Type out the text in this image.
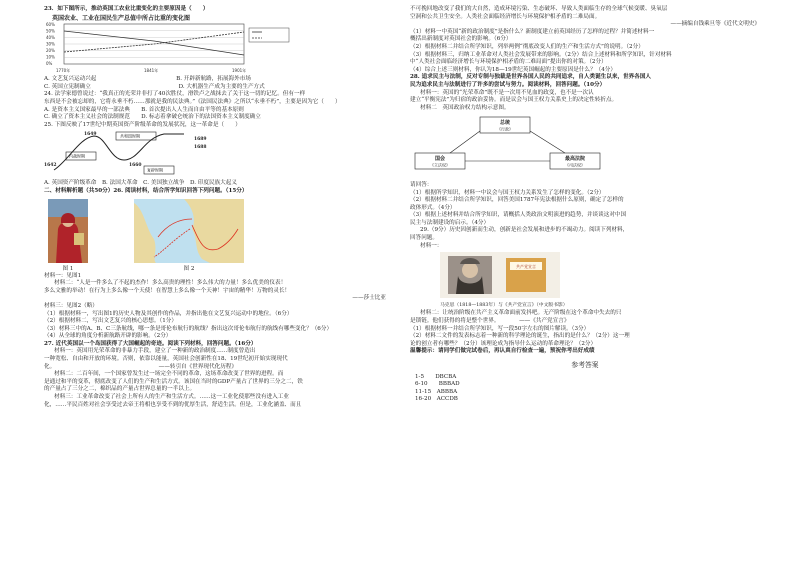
23．如下图所示，推动英国工农业比重变化的主要原因是（　　）

英国农业、工业在国民生产总值中所占比重的变化图

60%
50%
40%
30%
20%
10%
0%
1770年	1841年	1901年

A. 文艺复兴运动兴起	B. 开辟新航路，拓展海外市场

C. 英国立宪制确立	D. 大机器生产成为主要的生产方式

24. 法学家德曾说过：“我真正的光荣并非打了40次胜仗，滑铁卢之战抹去了关于这一切的记忆。但有一样

东西是不会被忘却的，它将永垂不朽……那就是我的民法典。”《法国民法典》之所以“永垂不朽”，主要是因为它（　　）

A. 是资本主义国家最早的一部法典　　B. 首次提出人人生而自由平等的基本原则

C. 确立了资本主义社会的法制规范　　D. 标志着拿破仑统治下的法国资本主义制度确立

25. 下图反映了17世纪中期英国资产阶级革命的发展状况，这一革命是（　　）

1642
1649
1688
1689
1660
共和国时期
内战时期
复辟时期

A. 英国资产阶级革命　B. 法国大革命　C. 美国独立战争　D. 印度民族大起义

二、材料解析题（共50分）26. 阅读材料，结合所学知识回答下列问题。（15分）

图 1	图 2

材料一：见图1

材料二：“人是一件多么了不起的杰作！多么高贵的理性！多么伟大的力量！多么优美的仪表！

多么文雅的举动！在行为上多么像一个天使！在智慧上多么像一个天神！宇宙的精华！万物的灵长！

——莎士比亚

材料三：见图2（略）

（1）根据材料一，写出图1的历史人物及其创作的作品，并指出他在文艺复兴运动中的地位。（6分）

（2）根据材料二，写出文艺复兴的核心思想。（1分）

（3）材料三中的A、B、C三条航线，哪一条是哥伦布航行的航线？指出这次哥伦布航行的航线有哪些变化？（6分）

（4）从全球的角度分析新航路开辟的影响。（2分）

27. 近代英国以一个岛国获得了大国崛起的奇迹。阅读下列材料，回答问题。（16分）

材料一：英国用光荣革命的非暴力手段，建立了一种新的政治制度……制度曾造出

一种宽松、自由和开放的环境。否则，依靠以能量，英国社会创新性在18、19世纪初开始实现现代

化。　　　　　　　　　　　　　　　　　　　——转引自《世界现代化历程》

材料二：二百年间，一个国家曾发生过一场完全不同的革命，这场革命改变了世界的进程。而

是通过和平的变革，彻底改变了人们的生产和生活方式。该国在当时的GDP产量占了世界的三分之二，铁

的产量占了三分之二，棉织品的产量占世界总量的一半以上。

材料三：工业革命改变了社会上所有人的生产和生活方式。……这一工业化使那些没有进入工业

化，……平民百姓对社会享受过去帝王将相也享受不到的优厚生活，舒适生活。但是，工业化涵盖、而且

不可挽回地改变了我们的大自然，造成环境污染、生态破坏、导致人类面临生存的全球气候变暖、臭氧层

空洞和公共卫生安全。人类社会面临经济增长与环境保护相矛盾的二难局面。

——摘编自钱乘旦等《近代文明史》

（1）材料一中英国“新的政治制度”是指什么？新制度建立前英国经历了怎样的过程？并简述材料一

概括出新制度对英国社会的影响。（6分）

（2）根据材料二并结合所学知识，列举两例“彻底改变人们的生产和生活方式”的说明。（2分）

（3）根据材料三，归纳工业革命对人类社会发展带来的影响。（2分）结合上述材料和所学知识，针对材料

中“人类社会面临经济增长与环境保护相矛盾的二难局面”提出你的对策。（2分）

（4）综合上述三则材料，你认为18—19世纪英国崛起的主要原因是什么？（4分）

28. 追求民主与法制，反对专制与独裁是世界各国人民的共同追求，自人类诞生以来，世界各国人

民为追求民主与法制进行了许多的尝试与努力。阅读材料，回答问题。（10分）

材料一：英国的“光荣革命”既不是一次用不见血的政变，也不是一次认

建立“平衡宪法”为归宿的政治妥协。而是议会与国王权力关系史上的决定性转折点。

材料二　英国政治权力结构示意图。

总统
《行政》
国会
《立法权》
最高法院
《司法权》

请回答：

（1）根据所学知识，材料一中议会与国王权力关系发生了怎样的变化。（2分）

（2）根据材料二并结合所学知识，回答美国1787年宪法根据什么原则，确定了怎样的

政体形式。（4分）

（3）根据上述材料并结合所学知识，请概括人类政治文明演进的趋势，并谈谈这对中国

民主与法制建设的启示。（4分）

29.（9分）历史因创新而生动，创新是社会发展和进步的不竭动力。阅读下列材料，

回答问题。

材料一：

共产党宣言

马克思（1818—1883年）与《共产党宣言》（中文版书影）

材料二：让统治阶级在共产主义革命面前发抖吧。无产阶级在这个革命中失去的只

是锁链。他们获得的将是整个世界。　　　　——《共产党宣言》

（1）根据材料一并结合所学知识，写一段50字左右的图片解读。（3分）

（2）材料二文件的发表标志着一种新的科学理论的诞生，指出的是什么？（2分）这一理

论的创立者有哪些？（2分）该理论成为指导什么运动的革命理论？（2分）

温馨提示：请同学们做完试卷后，再认真自行检查一遍，预祝你考出好成绩

参考答案

1-5　　DBCBA

6-10　　BBBAD

11-15　ABBBA

16-20　ACCDB
